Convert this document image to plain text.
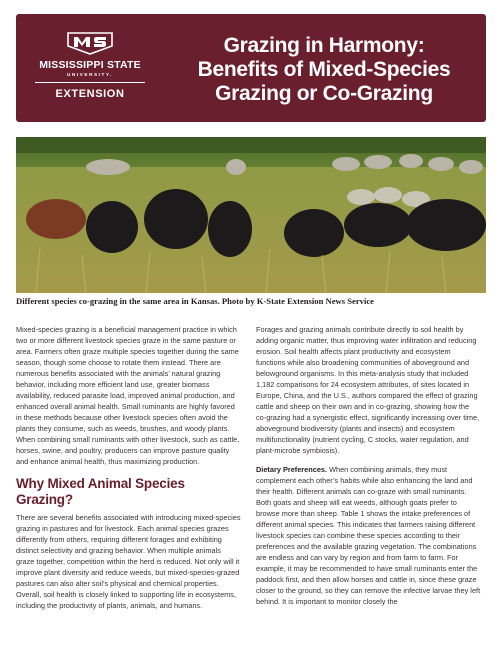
MISSISSIPPI STATE
UNIVERSITY.
EXTENSION
Grazing in Harmony:
Benefits of Mixed-Species
Grazing or Co-Grazing
Different species co-grazing in the same area in Kansas. Photo by K-State Extension News Service

Mixed-species grazing is a beneficial management practice in which two or more different livestock species graze in the same pasture or area. Farmers often graze multiple species together during the same season, though some choose to rotate them instead. There are numerous benefits associated with the animals’ natural grazing behavior, including more efficient land use, greater biomass availability, reduced parasite load, improved animal production, and enhanced overall animal health. Small ruminants are highly favored in these methods because other livestock species often avoid the plants they consume, such as weeds, brushes, and woody plants. When combining small ruminants with other livestock, such as cattle, horses, swine, and poultry, producers can improve pasture quality and enhance animal health, thus maximizing production.

Why Mixed Animal Species Grazing?

There are several benefits associated with introducing mixed-species grazing in pastures and for livestock. Each animal species grazes differently from others, requiring different forages and exhibiting distinct selectivity and grazing behavior. When multiple animals graze together, competition within the herd is reduced. Not only will it improve plant diversity and reduce weeds, but mixed-species-grazed pastures can also alter soil’s physical and chemical properties. Overall, soil health is closely linked to supporting life in ecosystems, including the productivity of plants, animals, and humans.

Forages and grazing animals contribute directly to soil health by adding organic matter, thus improving water infiltration and reducing erosion. Soil health affects plant productivity and ecosystem functions while also broadening communities of aboveground and belowground organisms. In this meta-analysis study that included 1,182 comparisons for 24 ecosystem attributes, of sites located in Europe, China, and the U.S., authors compared the effect of grazing cattle and sheep on their own and in co-grazing, showing how the co-grazing had a synergistic effect, significantly increasing over time, aboveground biodiversity (plants and insects) and ecosystem multifunctionality (nutrient cycling, C stocks, water regulation, and plant-microbe symbiosis).

Dietary Preferences. When combining animals, they must complement each other’s habits while also enhancing the land and their health. Different animals can co-graze with small ruminants. Both goats and sheep will eat weeds, although goats prefer to browse more than sheep. Table 1 shows the intake preferences of different animal species. This indicates that farmers raising different livestock species can combine these species according to their preferences and the available grazing vegetation. The combinations are endless and can vary by region and from farm to farm. For example, it may be recommended to have small ruminants enter the paddock first, and then allow horses and cattle in, since these graze closer to the ground, so they can remove the infective larvae they left behind. It is important to monitor closely the
